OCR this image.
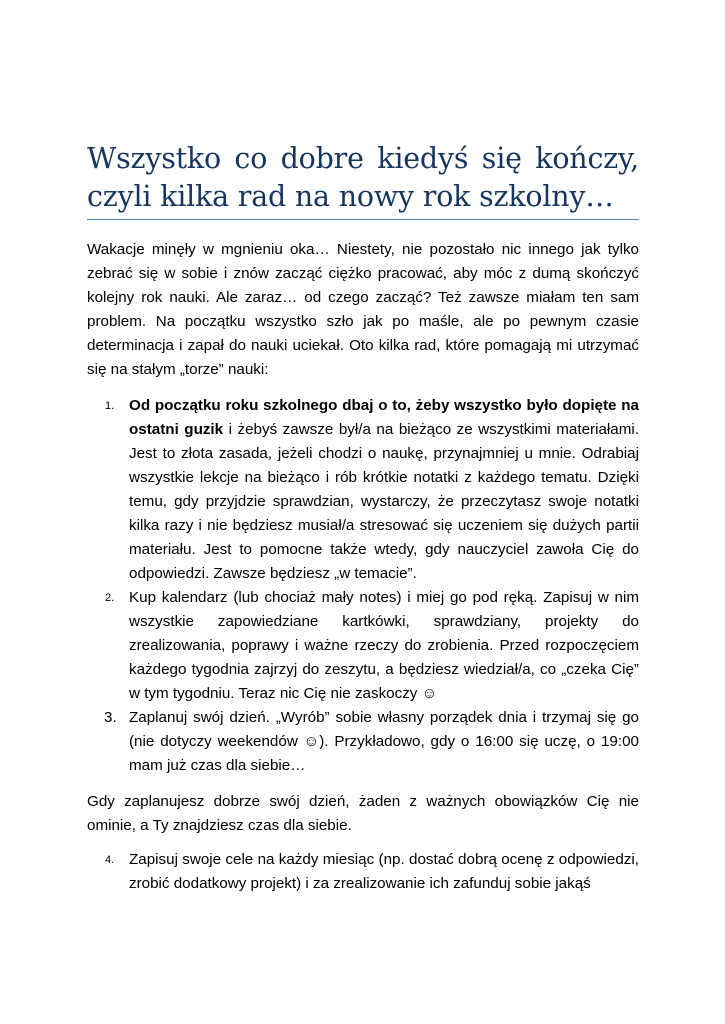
Wszystko co dobre kiedyś się kończy, czyli kilka rad na nowy rok szkolny…

Wakacje minęły w mgnieniu oka… Niestety, nie pozostało nic innego jak tylko zebrać się w sobie i znów zacząć ciężko pracować, aby móc z dumą skończyć kolejny rok nauki. Ale zaraz… od czego zacząć? Też zawsze miałam ten sam problem. Na początku wszystko szło jak po maśle, ale po pewnym czasie determinacja i zapał do nauki uciekał. Oto kilka rad, które pomagają mi utrzymać się na stałym „torze” nauki:

1. Od początku roku szkolnego dbaj o to, żeby wszystko było dopięte na ostatni guzik i żebyś zawsze był/a na bieżąco ze wszystkimi materiałami. Jest to złota zasada, jeżeli chodzi o naukę, przynajmniej u mnie. Odrabiaj wszystkie lekcje na bieżąco i rób krótkie notatki z każdego tematu. Dzięki temu, gdy przyjdzie sprawdzian, wystarczy, że przeczytasz swoje notatki kilka razy i nie będziesz musiał/a stresować się uczeniem się dużych partii materiału. Jest to pomocne także wtedy, gdy nauczyciel zawoła Cię do odpowiedzi. Zawsze będziesz „w temacie”.
2. Kup kalendarz (lub chociaż mały notes) i miej go pod ręką. Zapisuj w nim wszystkie zapowiedziane kartkówki, sprawdziany, projekty do zrealizowania, poprawy i ważne rzeczy do zrobienia. Przed rozpoczęciem każdego tygodnia zajrzyj do zeszytu, a będziesz wiedział/a, co „czeka Cię” w tym tygodniu. Teraz nic Cię nie zaskoczy ☺
3. Zaplanuj swój dzień. „Wyrób” sobie własny porządek dnia i trzymaj się go (nie dotyczy weekendów ☺). Przykładowo, gdy o 16:00 się uczę, o 19:00 mam już czas dla siebie…

Gdy zaplanujesz dobrze swój dzień, żaden z ważnych obowiązków Cię nie ominie, a Ty znajdziesz czas dla siebie.

4. Zapisuj swoje cele na każdy miesiąc (np. dostać dobrą ocenę z odpowiedzi, zrobić dodatkowy projekt) i za zrealizowanie ich zafunduj sobie jakąś
